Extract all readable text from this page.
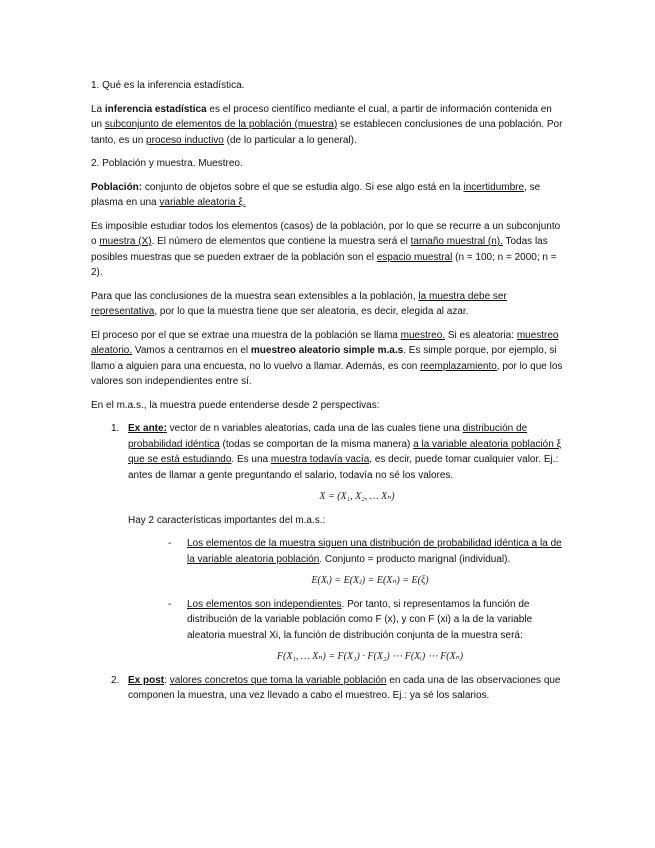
1. Qué es la inferencia estadística.

La inferencia estadística es el proceso científico mediante el cual, a partir de información contenida en un subconjunto de elementos de la población (muestra) se establecen conclusiones de una población. Por tanto, es un proceso inductivo (de lo particular a lo general).

2. Población y muestra. Muestreo.

Población: conjunto de objetos sobre el que se estudia algo. Si ese algo está en la incertidumbre, se plasma en una variable aleatoria ξ.

Es imposible estudiar todos los elementos (casos) de la población, por lo que se recurre a un subconjunto o muestra (X). El número de elementos que contiene la muestra será el tamaño muestral (n). Todas las posibles muestras que se pueden extraer de la población son el espacio muestral (n = 100; n = 2000; n = 2).

Para que las conclusiones de la muestra sean extensibles a la población, la muestra debe ser representativa, por lo que la muestra tiene que ser aleatoria, es decir, elegida al azar.

El proceso por el que se extrae una muestra de la población se llama muestreo. Si es aleatoria: muestreo aleatorio. Vamos a centrarnos en el muestreo aleatorio simple m.a.s. Es simple porque, por ejemplo, si llamo a alguien para una encuesta, no lo vuelvo a llamar. Además, es con reemplazamiento, por lo que los valores son independientes entre sí.

En el m.a.s., la muestra puede entenderse desde 2 perspectivas:

1. Ex ante: vector de n variables aleatorias, cada una de las cuales tiene una distribución de probabilidad idéntica (todas se comportan de la misma manera) a la variable aleatoria población ξ que se está estudiando. Es una muestra todavía vacía, es decir, puede tomar cualquier valor. Ej.: antes de llamar a gente preguntando el salario, todavía no sé los valores.

X = (X₁, X₂, … Xₙ)

Hay 2 características importantes del m.a.s.:

- Los elementos de la muestra siguen una distribución de probabilidad idéntica a la de la variable aleatoria población. Conjunto = producto marignal (individual).

E(Xᵢ) = E(Xⱼ) = E(Xₙ) = E(ξ)
- Los elementos son independientes. Por tanto, si representamos la función de distribución de la variable población como F (x), y con F (xi) a la de la variable aleatoria muestral Xi, la función de distribución conjunta de la muestra será:

F(X₁, … Xₙ) = F(X₁) · F(X₂) ⋯ F(Xᵢ) ⋯ F(Xₙ)
2. Ex post: valores concretos que toma la variable población en cada una de las observaciones que componen la muestra, una vez llevado a cabo el muestreo. Ej.: ya sé los salarios.
